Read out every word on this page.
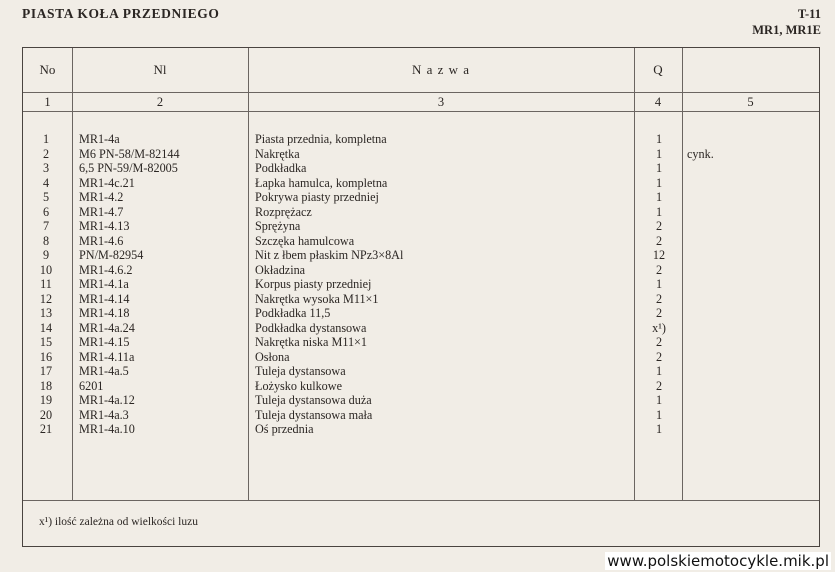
PIASTA KOŁA PRZEDNIEGO	T-11
MR1, MR1E
No	Nl	N a z w a	Q
1	2	3	4	5
1	MR1-4a	Piasta przednia, kompletna	1
2	M6 PN-58/M-82144	Nakrętka	1	cynk.
3	6,5 PN-59/M-82005	Podkładka	1
4	MR1-4c.21	Łapka hamulca, kompletna	1
5	MR1-4.2	Pokrywa piasty przedniej	1
6	MR1-4.7	Rozprężacz	1
7	MR1-4.13	Sprężyna	2
8	MR1-4.6	Szczęka hamulcowa	2
9	PN/M-82954	Nit z łbem płaskim NPz3×8Al	12
10	MR1-4.6.2	Okładzina	2
11	MR1-4.1a	Korpus piasty przedniej	1
12	MR1-4.14	Nakrętka wysoka M11×1	2
13	MR1-4.18	Podkładka 11,5	2
14	MR1-4a.24	Podkładka dystansowa	x¹)
15	MR1-4.15	Nakrętka niska M11×1	2
16	MR1-4.11a	Osłona	2
17	MR1-4a.5	Tuleja dystansowa	1
18	6201	Łożysko kulkowe	2
19	MR1-4a.12	Tuleja dystansowa duża	1
20	MR1-4a.3	Tuleja dystansowa mała	1
21	MR1-4a.10	Oś przednia	1
x¹) ilość zależna od wielkości luzu
www.polskiemotocykle.mik.pl
